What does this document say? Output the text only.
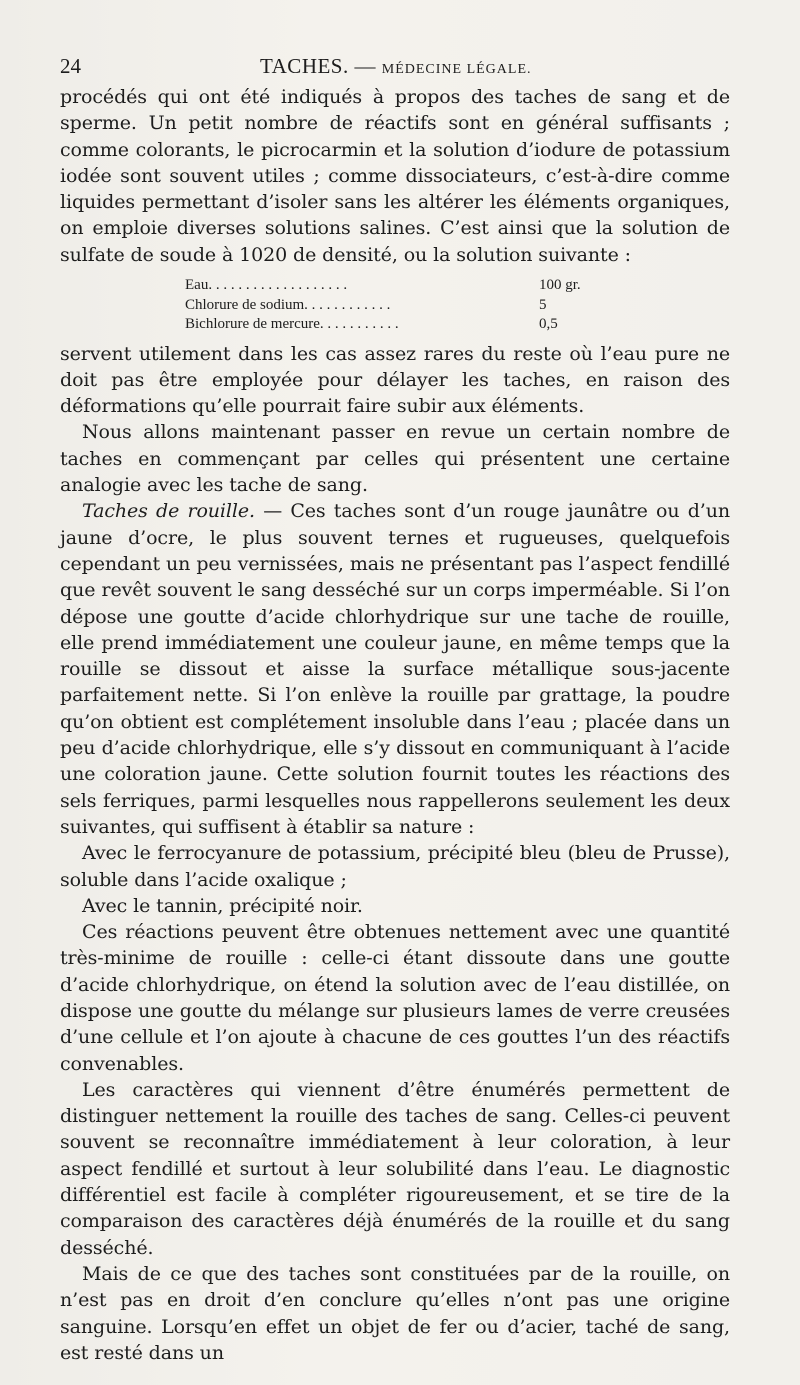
24	TACHES. — MÉDECINE LÉGALE.

procédés qui ont été indiqués à propos des taches de sang et de sperme. Un petit nombre de réactifs sont en général suffisants ; comme colorants, le picrocarmin et la solution d’iodure de potassium iodée sont souvent utiles ; comme dissociateurs, c’est-à-dire comme liquides permettant d’isoler sans les altérer les éléments organiques, on emploie diverses solutions salines. C’est ainsi que la solution de sulfate de soude à 1020 de densité, ou la solution suivante :

Eau. . . . . . . . . . . . . . . . . . .	100 gr.
Chlorure de sodium. . . . . . . . . . . .	5
Bichlorure de mercure. . . . . . . . . . .	0,5

servent utilement dans les cas assez rares du reste où l’eau pure ne doit pas être employée pour délayer les taches, en raison des déformations qu’elle pourrait faire subir aux éléments.

Nous allons maintenant passer en revue un certain nombre de taches en commençant par celles qui présentent une certaine analogie avec les tache de sang.

Taches de rouille. — Ces taches sont d’un rouge jaunâtre ou d’un jaune d’ocre, le plus souvent ternes et rugueuses, quelquefois cependant un peu vernissées, mais ne présentant pas l’aspect fendillé que revêt souvent le sang desséché sur un corps imperméable. Si l’on dépose une goutte d’acide chlorhydrique sur une tache de rouille, elle prend immédiatement une couleur jaune, en même temps que la rouille se dissout et aisse la surface métallique sous-jacente parfaitement nette. Si l’on enlève la rouille par grattage, la poudre qu’on obtient est complétement insoluble dans l’eau ; placée dans un peu d’acide chlorhydrique, elle s’y dissout en communiquant à l’acide une coloration jaune. Cette solution fournit toutes les réactions des sels ferriques, parmi lesquelles nous rappellerons seulement les deux suivantes, qui suffisent à établir sa nature :

Avec le ferrocyanure de potassium, précipité bleu (bleu de Prusse), soluble dans l’acide oxalique ;

Avec le tannin, précipité noir.

Ces réactions peuvent être obtenues nettement avec une quantité très-minime de rouille : celle-ci étant dissoute dans une goutte d’acide chlorhydrique, on étend la solution avec de l’eau distillée, on dispose une goutte du mélange sur plusieurs lames de verre creusées d’une cellule et l’on ajoute à chacune de ces gouttes l’un des réactifs convenables.

Les caractères qui viennent d’être énumérés permettent de distinguer nettement la rouille des taches de sang. Celles-ci peuvent souvent se reconnaître immédiatement à leur coloration, à leur aspect fendillé et surtout à leur solubilité dans l’eau. Le diagnostic différentiel est facile à compléter rigoureusement, et se tire de la comparaison des caractères déjà énumérés de la rouille et du sang desséché.

Mais de ce que des taches sont constituées par de la rouille, on n’est pas en droit d’en conclure qu’elles n’ont pas une origine sanguine. Lorsqu’en effet un objet de fer ou d’acier, taché de sang, est resté dans un
